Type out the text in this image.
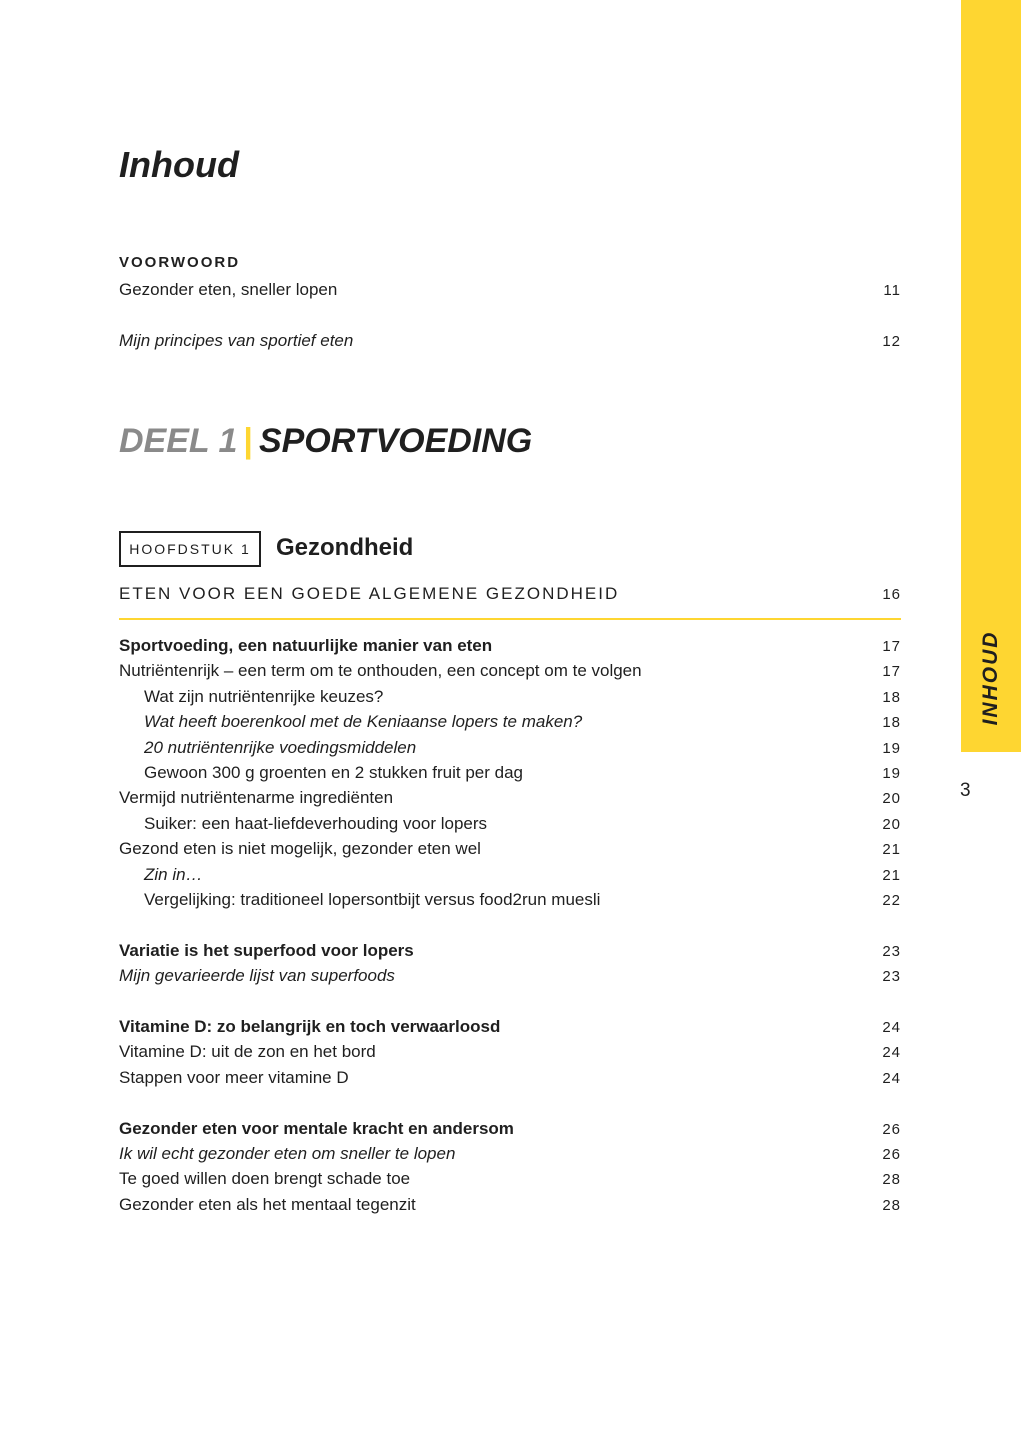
INHOUD
3
Inhoud
VOORWOORD
Gezonder eten, sneller lopen	11
Mijn principes van sportief eten	12
DEEL 1 | SPORTVOEDING
HOOFDSTUK 1	Gezondheid
ETEN VOOR EEN GOEDE ALGEMENE GEZONDHEID	16
Sportvoeding, een natuurlijke manier van eten	17
Nutriëntenrijk – een term om te onthouden, een concept om te volgen	17
Wat zijn nutriëntenrijke keuzes?	18
Wat heeft boerenkool met de Keniaanse lopers te maken?	18
20 nutriëntenrijke voedingsmiddelen	19
Gewoon 300 g groenten en 2 stukken fruit per dag	19
Vermijd nutriëntenarme ingrediënten	20
Suiker: een haat-liefdeverhouding voor lopers	20
Gezond eten is niet mogelijk, gezonder eten wel	21
Zin in…	21
Vergelijking: traditioneel lopersontbijt versus food2run muesli	22
Variatie is het superfood voor lopers	23
Mijn gevarieerde lijst van superfoods	23
Vitamine D: zo belangrijk en toch verwaarloosd	24
Vitamine D: uit de zon en het bord	24
Stappen voor meer vitamine D	24
Gezonder eten voor mentale kracht en andersom	26
Ik wil echt gezonder eten om sneller te lopen	26
Te goed willen doen brengt schade toe	28
Gezonder eten als het mentaal tegenzit	28
